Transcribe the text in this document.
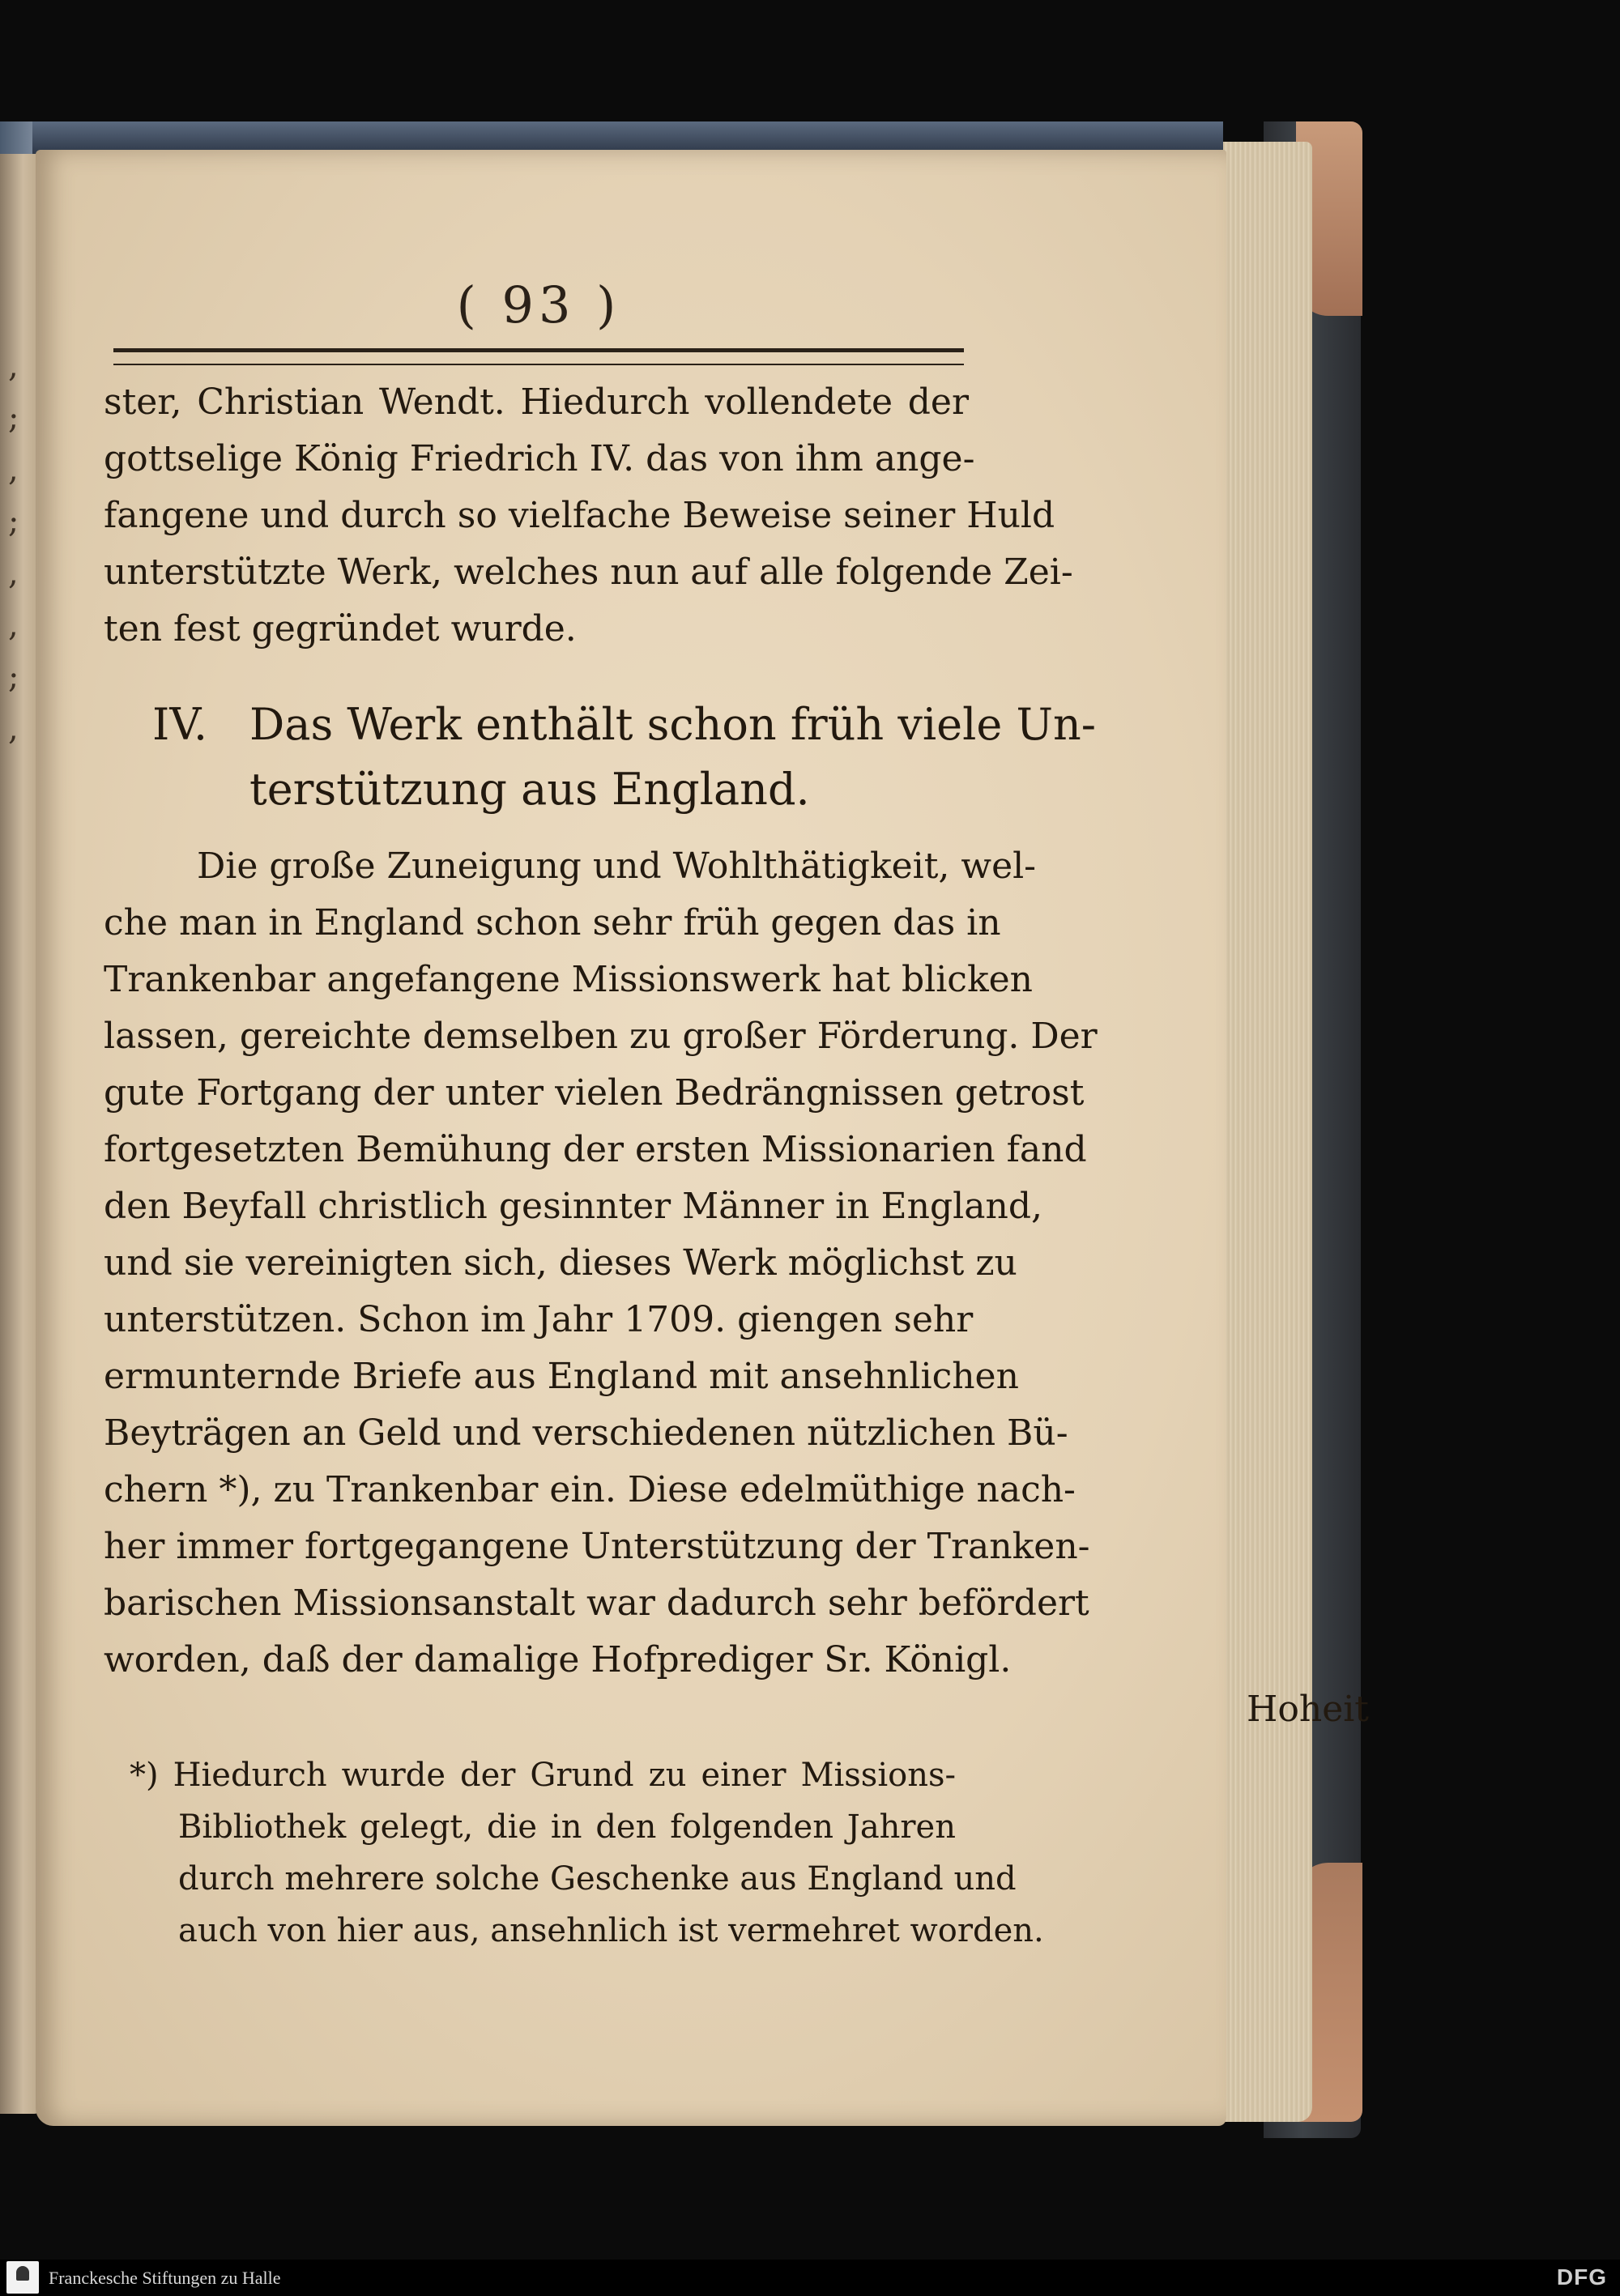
,
;
,
;
,
,
;
,
( 93 )
ster, Christian Wendt. Hiedurch vollendete der
gottselige König Friedrich IV. das von ihm ange-
fangene und durch so vielfache Beweise seiner Huld
unterstützte Werk, welches nun auf alle folgende Zei-
ten fest gegründet wurde.
IV. Das Werk enthält schon früh viele Un-
terstützung aus England.
Die große Zuneigung und Wohlthätigkeit, wel-
che man in England schon sehr früh gegen das in
Trankenbar angefangene Missionswerk hat blicken
lassen, gereichte demselben zu großer Förderung. Der
gute Fortgang der unter vielen Bedrängnissen getrost
fortgesetzten Bemühung der ersten Missionarien fand
den Beyfall christlich gesinnter Männer in England,
und sie vereinigten sich, dieses Werk möglichst zu
unterstützen. Schon im Jahr 1709. giengen sehr
ermunternde Briefe aus England mit ansehnlichen
Beyträgen an Geld und verschiedenen nützlichen Bü-
chern *), zu Trankenbar ein. Diese edelmüthige nach-
her immer fortgegangene Unterstützung der Tranken-
barischen Missionsanstalt war dadurch sehr befördert
worden, daß der damalige Hofprediger Sr. Königl.
Hoheit
*) Hiedurch wurde der Grund zu einer Missions-
Bibliothek gelegt, die in den folgenden Jahren
durch mehrere solche Geschenke aus England und
auch von hier aus, ansehnlich ist vermehret worden.
Franckesche Stiftungen zu Halle	DFG
